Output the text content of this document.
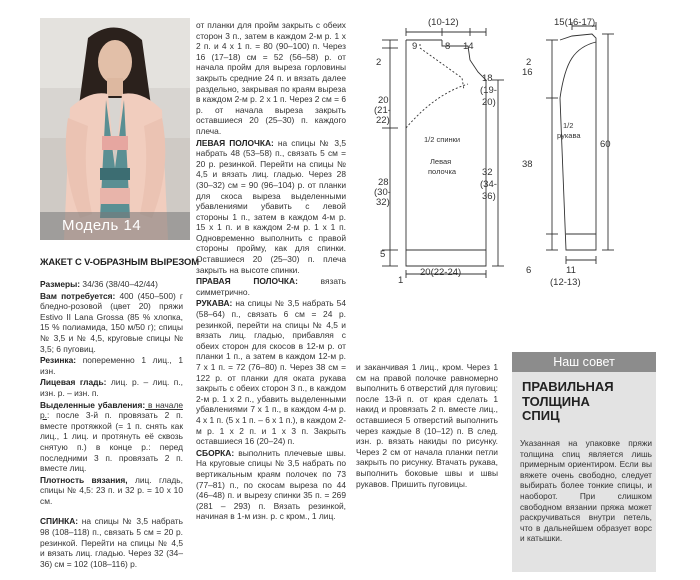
Модель 14
ЖАКЕТ С V-ОБРАЗНЫМ ВЫРЕЗОМ
Размеры: 34/36 (38/40–42/44)
Вам потребуется: 400 (450–500) г бледно-розовой (цвет 20) пряжи Estivo II Lana Grossa (85 % хлопка, 15 % полиамида, 150 м/50 г); спицы № 3,5 и № 4,5, круговые спицы № 3,5; 6 пуговиц.
Резинка: попеременно 1 лиц., 1 изн.
Лицевая гладь: лиц. р. – лиц. п., изн. р. – изн. п.
Выделенные убавления: в начале р.: после 3-й п. провязать 2 п. вместе протяжкой (= 1 п. снять как лиц., 1 лиц. и протянуть её сквозь снятую п.) в конце р.: перед последними 3 п. провязать 2 п. вместе лиц.
Плотность вязания, лиц. гладь, спицы № 4,5: 23 п. и 32 р. = 10 х 10 см.
СПИНКА: на спицы № 3,5 набрать 98 (108–118) п., связать 5 см = 20 р. резинкой. Перейти на спицы № 4,5 и вязать лиц. гладью. Через 32 (34–36) см = 102 (108–116) р.
от планки для пройм закрыть с обеих сторон 3 п., затем в каждом 2-м р. 1 х 2 п. и 4 х 1 п. = 80 (90–100) п. Через 16 (17–18) см = 52 (56–58) р. от начала пройм для выреза горловины закрыть средние 24 п. и вязать далее раздельно, закрывая по краям выреза в каждом 2-м р. 2 х 1 п. Через 2 см = 6 р. от начала выреза закрыть оставшиеся 20 (25–30) п. каждого плеча.
ЛЕВАЯ ПОЛОЧКА: на спицы № 3,5 набрать 48 (53–58) п., связать 5 см = 20 р. резинкой. Перейти на спицы № 4,5 и вязать лиц. гладью. Через 28 (30–32) см = 90 (96–104) р. от планки для скоса выреза выделенными убавлениями убавить с левой стороны 1 п., затем в каждом 4-м р. 15 х 1 п. и в каждом 2-м р. 1 х 1 п. Одновременно выполнить с правой стороны пройму, как для спинки. Оставшиеся 20 (25–30) п. плеча закрыть на высоте спинки.
ПРАВАЯ ПОЛОЧКА: вязать симметрично.
РУКАВА: на спицы № 3,5 набрать 54 (58–64) п., связать 6 см = 24 р. резинкой, перейти на спицы № 4,5 и вязать лиц. гладью, прибавляя с обеих сторон для скосов в 12-м р. от планки 1 п., а затем в каждом 12-м р. 7 х 1 п. = 72 (76–80) п. Через 38 см = 122 р. от планки для оката рукава закрыть с обеих сторон 3 п., в каждом 2-м р. 1 х 2 п., убавить выделенными убавлениями 7 х 1 п., в каждом 4-м р. 4 х 1 п. (5 х 1 п. – 6 х 1 п.), в каждом 2-м р. 1 х 2 п. и 1 х 3 п. Закрыть оставшиеся 16 (20–24) п.
СБОРКА: выполнить плечевые швы. На круговые спицы № 3,5 набрать по вертикальным краям полочек по 73 (77–81) п., по скосам выреза по 44 (46–48) п. и вырезу спинки 35 п. = 269 (281 – 293) п. Вязать резинкой, начиная в 1-м изн. р. с кром., 1 лиц.
и заканчивая 1 лиц., кром. Через 1 см на правой полочке равномерно выполнить 6 отверстий для пуговиц: после 13-й п. от края сделать 1 накид и провязать 2 п. вместе лиц., оставшиеся 5 отверстий выполнить через каждые 8 (10–12) п. В след. изн. р. вязать накиды по рисунку. Через 2 см от начала планки петли закрыть по рисунку. Втачать рукава, выполнить боковые швы и швы рукавов. Пришить пуговицы.
(10-12)
9	8 14
2
20
(21-
22)
28
(30-
32)
5
1
18
(19-
20)
32
(34-
36)
1/2 спинки
Левая
полочка
20(22-24)
15(16-17)
2
16
38
6
60
1/2
рукава
11
(12-13)
Наш совет
ПРАВИЛЬНАЯ
ТОЛЩИНА
СПИЦ
Указанная на упаковке пряжи толщина спиц является лишь примерным ориентиром. Если вы вяжете очень свободно, следует выбирать более тонкие спицы, и наоборот. При слишком свободном вязании пряжа может раскручиваться внутри петель, что в дальнейшем образует ворс и катышки.
